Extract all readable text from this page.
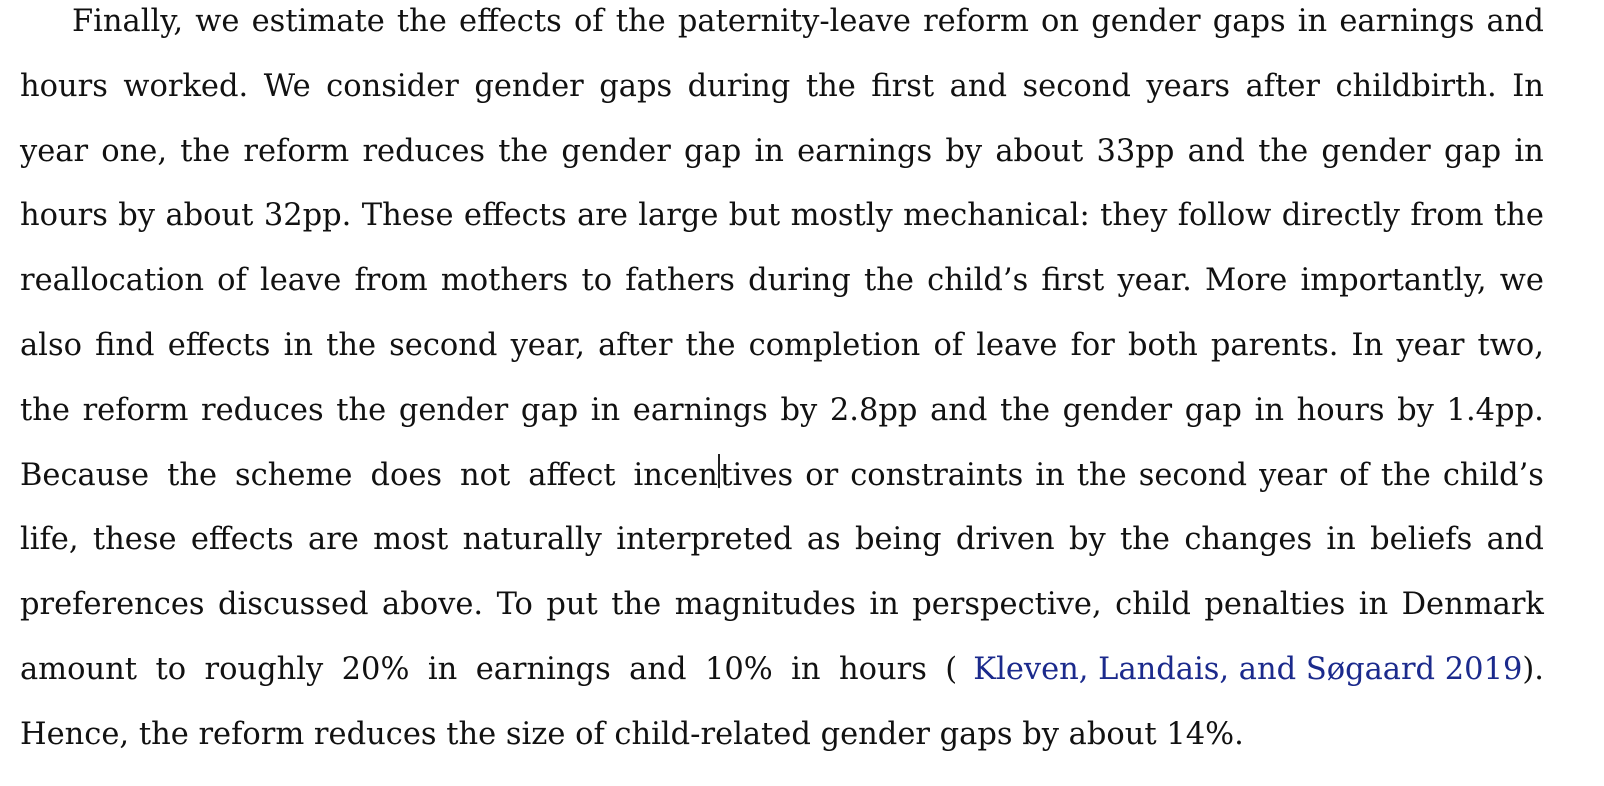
Finally, we estimate the effects of the paternity-leave reform on gender gaps in earnings and
hours worked. We consider gender gaps during the first and second years after childbirth. In
year one, the reform reduces the gender gap in earnings by about 33pp and the gender gap in
hours by about 32pp. These effects are large but mostly mechanical: they follow directly from the
reallocation of leave from mothers to fathers during the child’s first year. More importantly, we
also find effects in the second year, after the completion of leave for both parents. In year two,
the reform reduces the gender gap in earnings by 2.8pp and the gender gap in hours by 1.4pp.
Because the scheme does not affect incen tives or constraints in the second year of the child’s
life, these effects are most naturally interpreted as being driven by the changes in beliefs and
preferences discussed above. To put the magnitudes in perspective, child penalties in Denmark
amount to roughly 20% in earnings and 10% in hours ( Kleven, Landais, and Søgaard 2019 ).
Hence, the reform reduces the size of child-related gender gaps by about 14%.
